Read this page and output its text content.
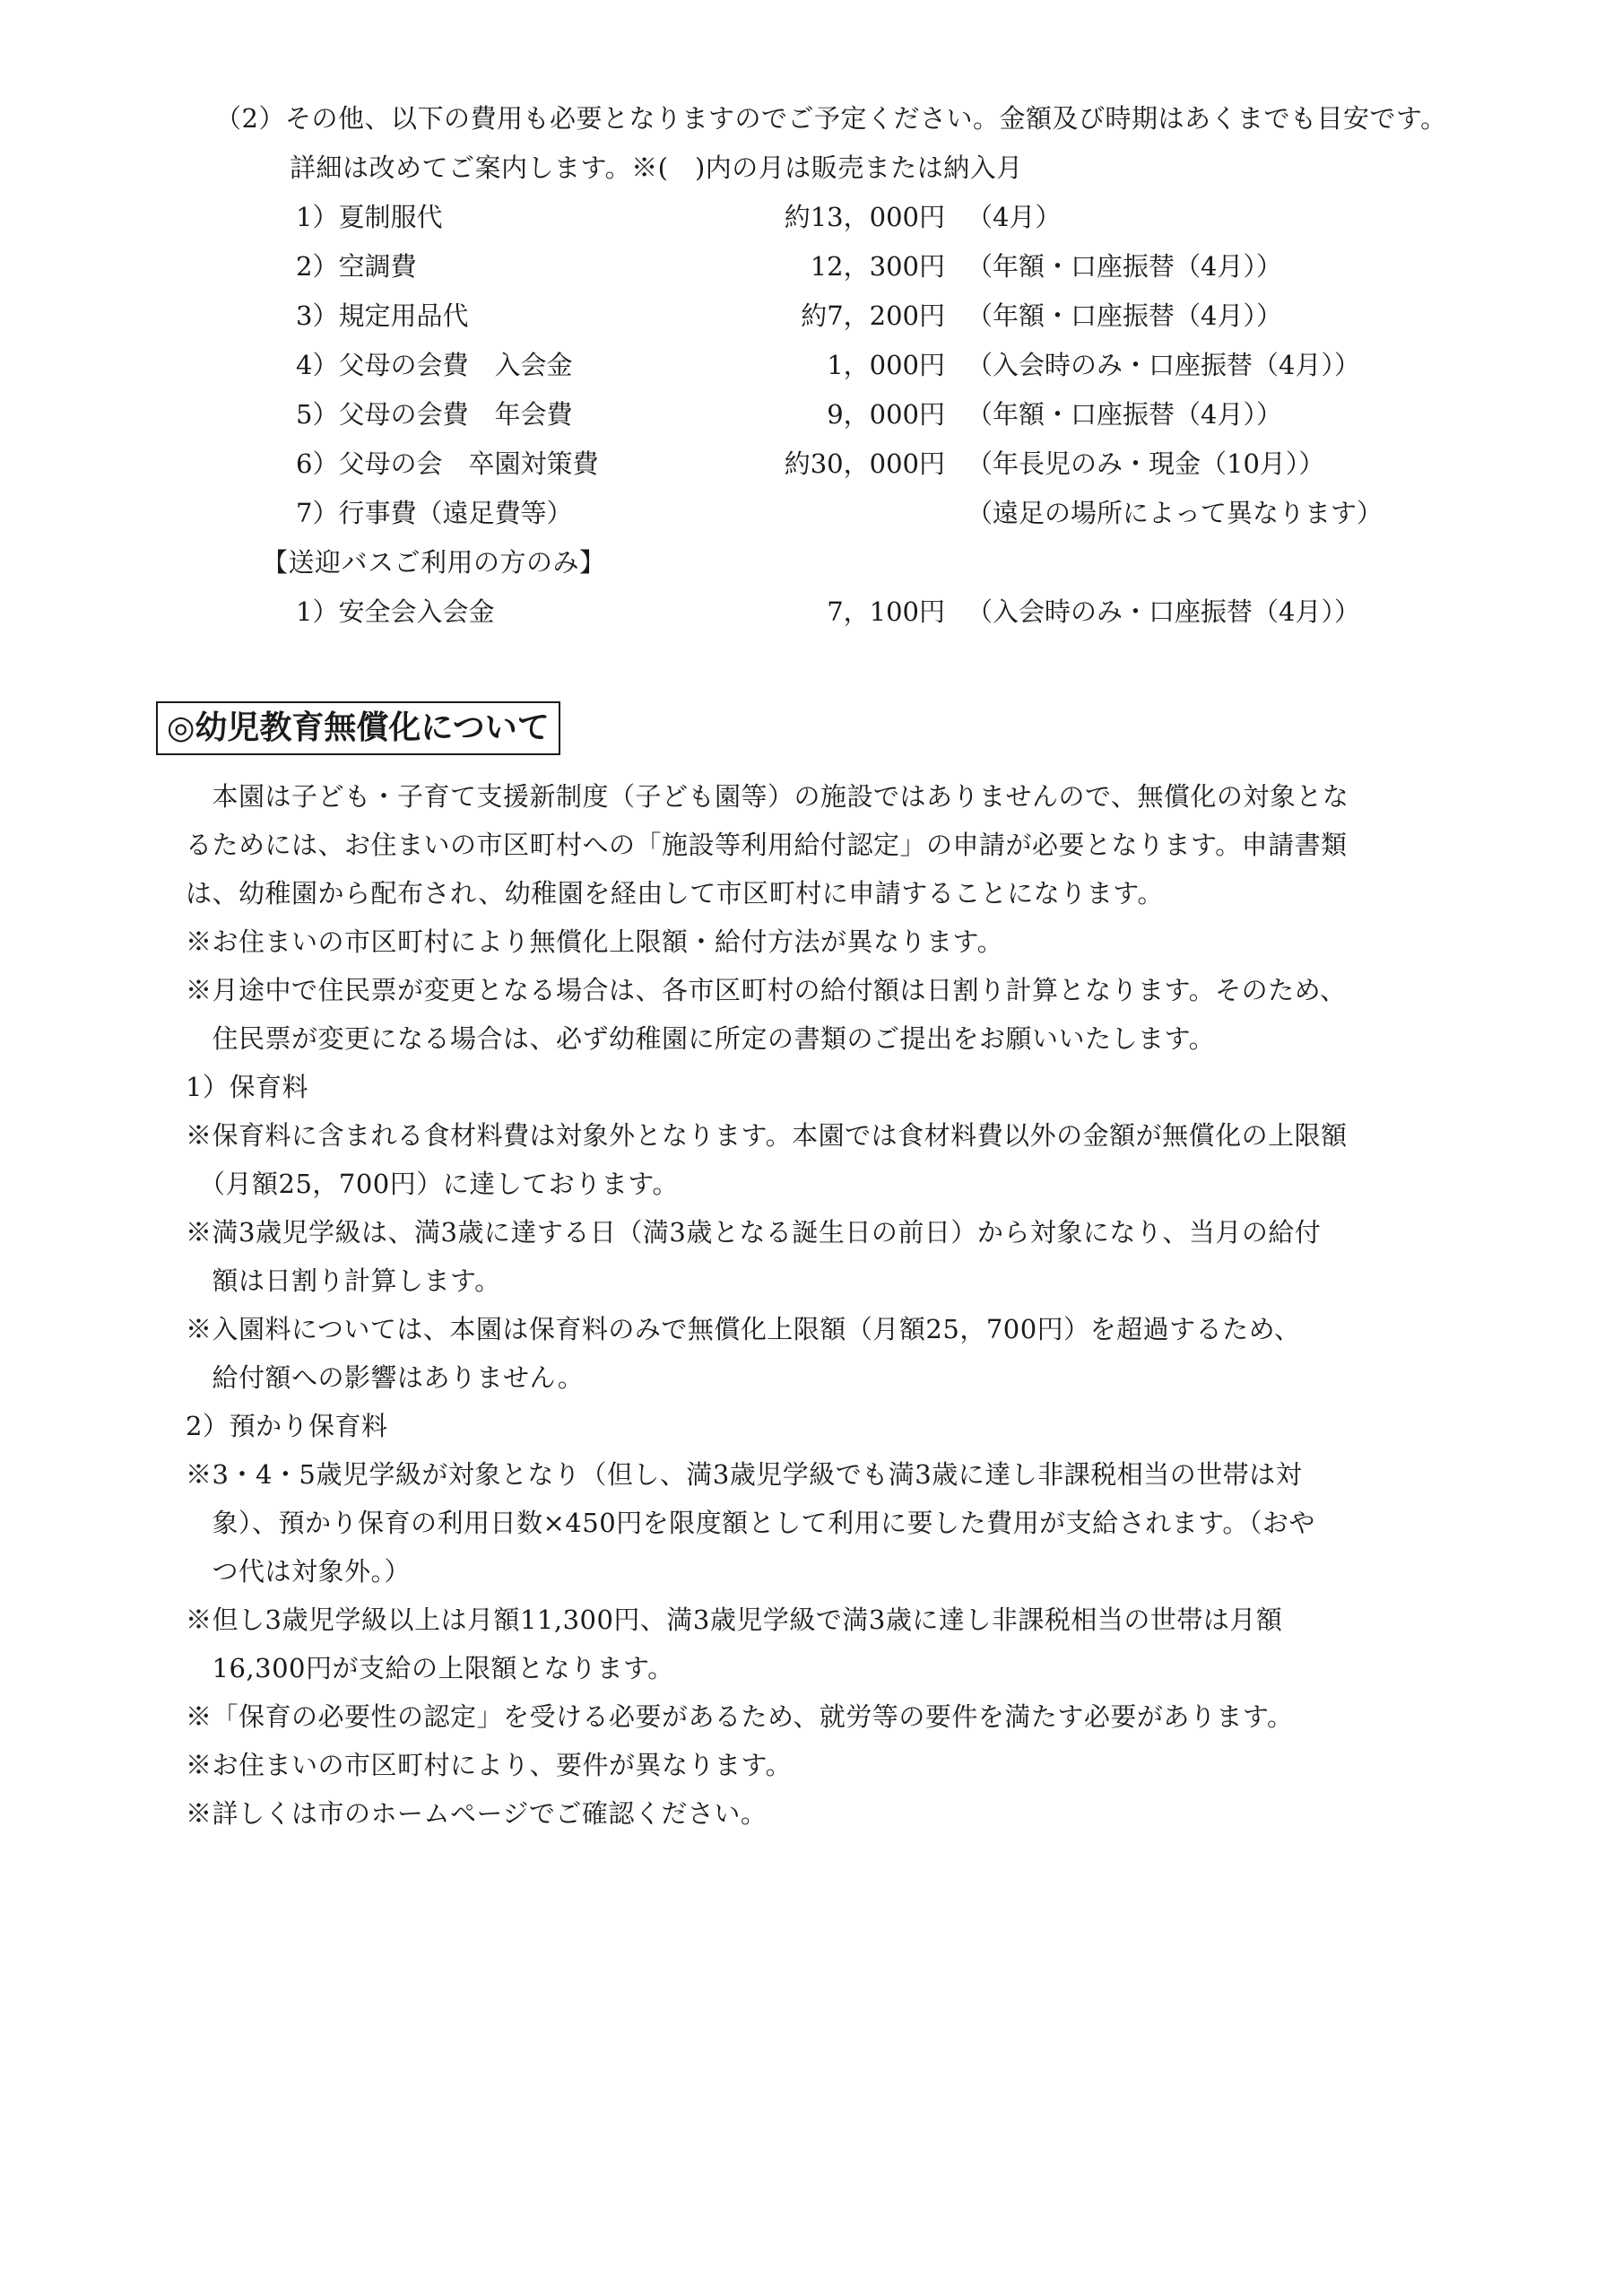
（2）その他、以下の費用も必要となりますのでご予定ください。金額及び時期はあくまでも目安です。
詳細は改めてご案内します。※(　)内の月は販売または納入月
1）夏制服代	約13，000円 （4月）
2）空調費	12，300円 （年額・口座振替（4月））
3）規定用品代	約7，200円 （年額・口座振替（4月））
4）父母の会費　入会金	1，000円 （入会時のみ・口座振替（4月））
5）父母の会費　年会費	9，000円 （年額・口座振替（4月））
6）父母の会　卒園対策費	約30，000円 （年長児のみ・現金（10月））
7）行事費（遠足費等）	（遠足の場所によって異なります）
【送迎バスご利用の方のみ】
1）安全会入会金	7，100円 （入会時のみ・口座振替（4月））
◎幼児教育無償化について
　本園は子ども・子育て支援新制度（子ども園等）の施設ではありませんので、無償化の対象とな
るためには、お住まいの市区町村への「施設等利用給付認定」の申請が必要となります。申請書類
は、幼稚園から配布され、幼稚園を経由して市区町村に申請することになります。
※お住まいの市区町村により無償化上限額・給付方法が異なります。
※月途中で住民票が変更となる場合は、各市区町村の給付額は日割り計算となります。そのため、
　住民票が変更になる場合は、必ず幼稚園に所定の書類のご提出をお願いいたします。
1）保育料
※保育料に含まれる食材料費は対象外となります。本園では食材料費以外の金額が無償化の上限額
　（月額25，700円）に達しております。
※満3歳児学級は、満3歳に達する日（満3歳となる誕生日の前日）から対象になり、当月の給付
　額は日割り計算します。
※入園料については、本園は保育料のみで無償化上限額（月額25，700円）を超過するため、
　給付額への影響はありません。
2）預かり保育料
※3・4・5歳児学級が対象となり（但し、満3歳児学級でも満3歳に達し非課税相当の世帯は対
　象）、預かり保育の利用日数×450円を限度額として利用に要した費用が支給されます。（おや
　つ代は対象外。）
※但し3歳児学級以上は月額11,300円、満3歳児学級で満3歳に達し非課税相当の世帯は月額
　16,300円が支給の上限額となります。
※「保育の必要性の認定」を受ける必要があるため、就労等の要件を満たす必要があります。
※お住まいの市区町村により、要件が異なります。
※詳しくは市のホームページでご確認ください。
